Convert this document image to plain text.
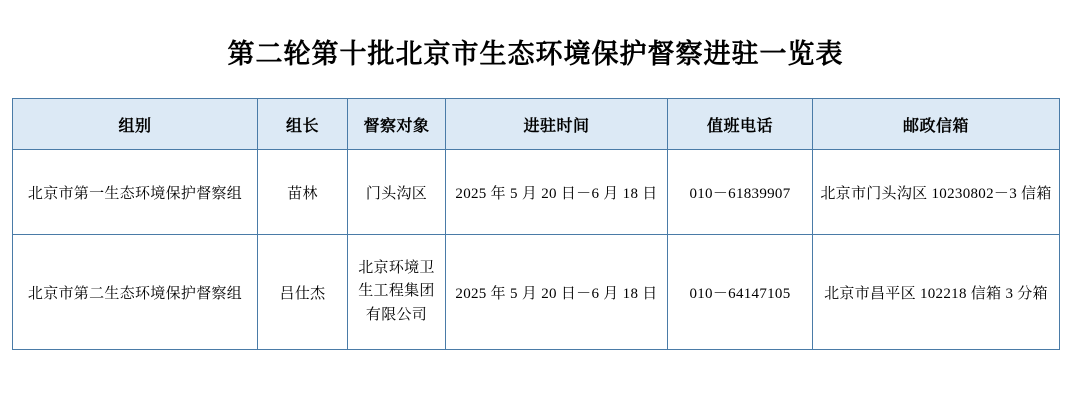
第二轮第十批北京市生态环境保护督察进驻一览表
组别	组长	督察对象	进驻时间	值班电话	邮政信箱
北京市第一生态环境保护督察组	苗林	门头沟区	2025 年 5 月 20 日－6 月 18 日	010－61839907	北京市门头沟区 10230802－3 信箱
北京市第二生态环境保护督察组	吕仕杰	北京环境卫生工程集团有限公司	2025 年 5 月 20 日－6 月 18 日	010－64147105	北京市昌平区 102218 信箱 3 分箱
